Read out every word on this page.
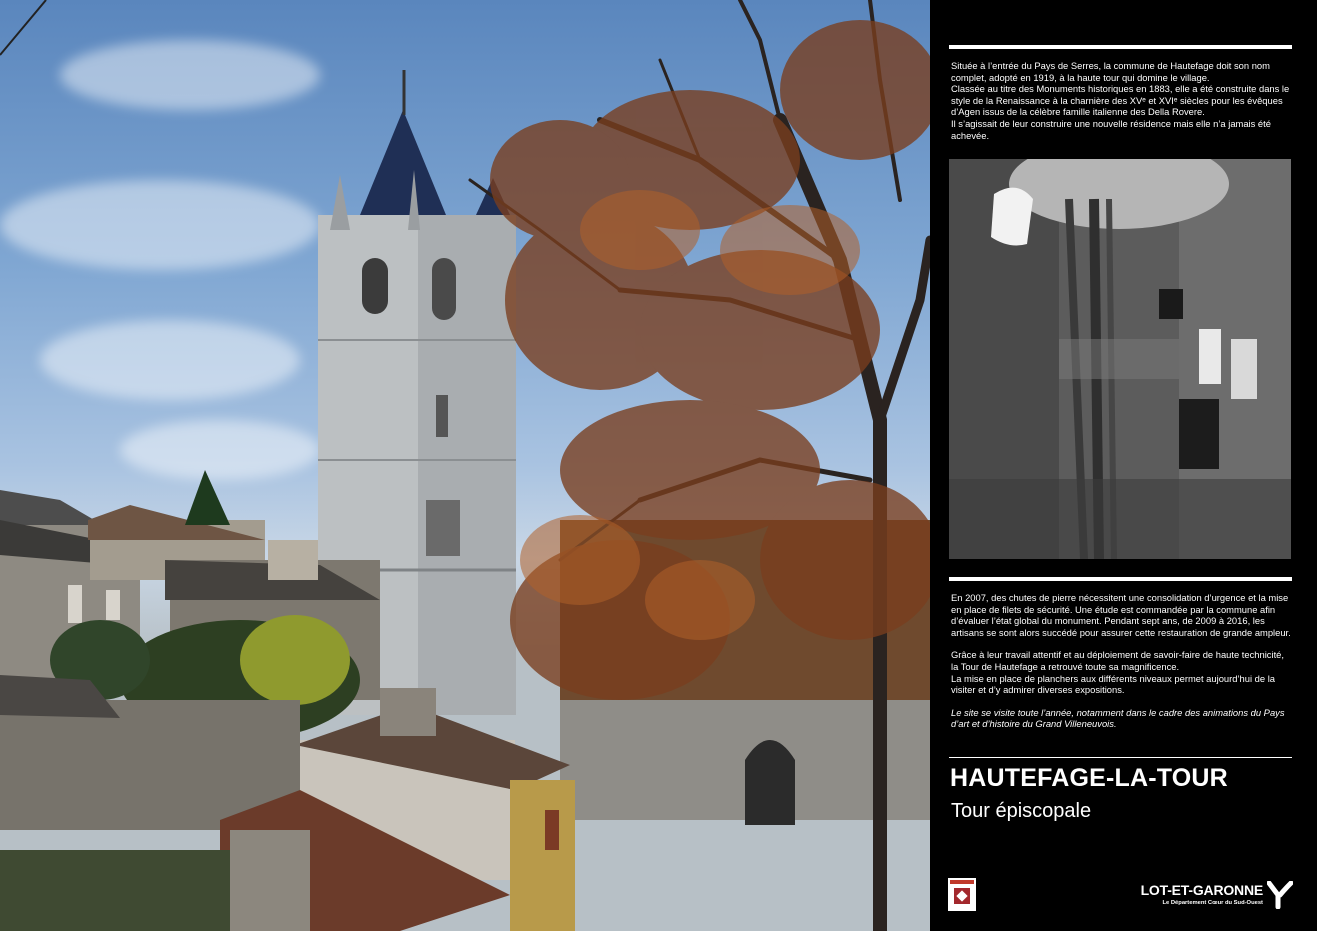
Située à l’entrée du Pays de Serres, la commune de Hautefage doit son nom complet, adopté en 1919, à la haute tour qui domine le village.

Classée au titre des Monuments historiques en 1883, elle a été construite dans le style de la Renaissance à la charnière des XVᵉ et XVIᵉ siècles pour les évêques d’Agen issus de la célèbre famille italienne des Della Rovere.

Il s’agissait de leur construire une nouvelle résidence mais elle n’a jamais été achevée.

En 2007, des chutes de pierre nécessitent une consolidation d’urgence et la mise en place de filets de sécurité. Une étude est commandée par la commune afin d’évaluer l’état global du monument. Pendant sept ans, de 2009 à 2016, les artisans se sont alors succédé pour assurer cette restauration de grande ampleur.

Grâce à leur travail attentif et au déploiement de savoir-faire de haute technicité, la Tour de Hautefage a retrouvé toute sa magnificence.

La mise en place de planchers aux différents niveaux permet aujourd’hui de la visiter et d’y admirer diverses expositions.

Le site se visite toute l’année, notamment dans le cadre des animations du Pays d’art et d’histoire du Grand Villeneuvois.

HAUTEFAGE-LA-TOUR
Tour épiscopale
LOT-ET-GARONNE
Le Département Cœur du Sud-Ouest
